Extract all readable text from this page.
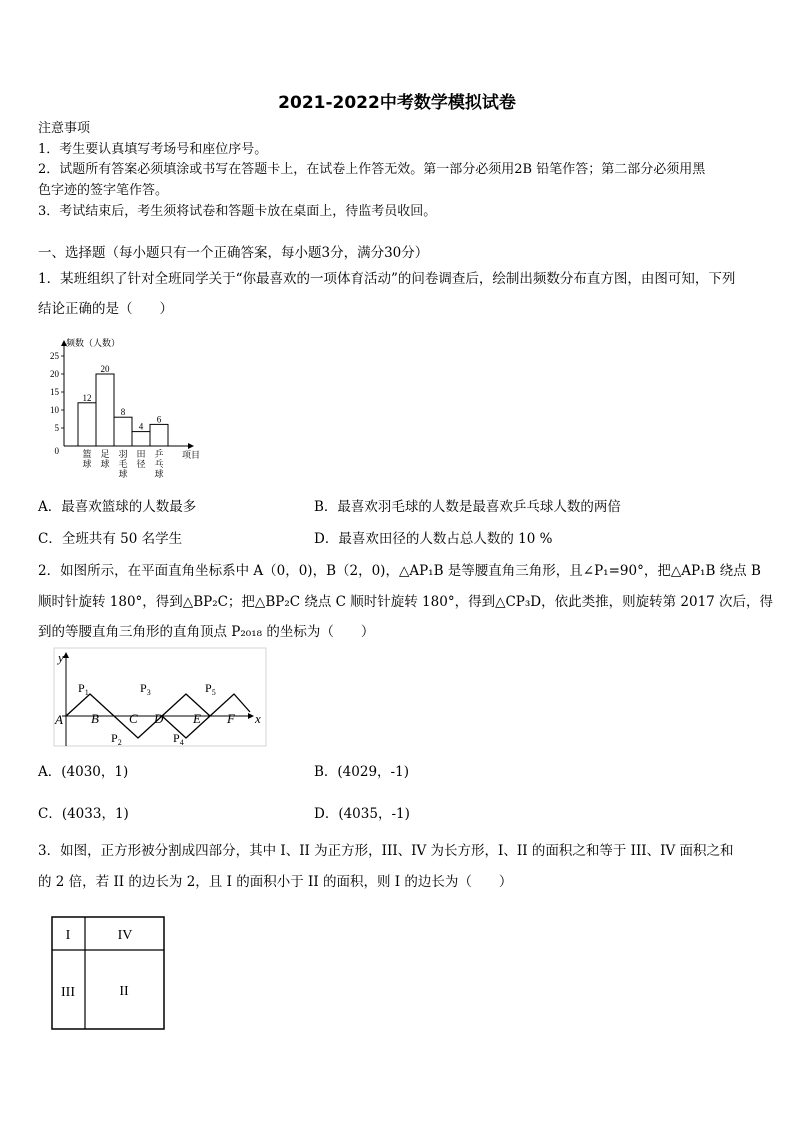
2021-2022中考数学模拟试卷
注意事项
1．考生要认真填写考场号和座位序号。
2．试题所有答案必须填涂或书写在答题卡上，在试卷上作答无效。第一部分必须用2B 铅笔作答；第二部分必须用黑
色字迹的签字笔作答。
3．考试结束后，考生须将试卷和答题卡放在桌面上，待监考员收回。
一、选择题（每小题只有一个正确答案，每小题3分，满分30分）
1．某班组织了针对全班同学关于“你最喜欢的一项体育活动”的问卷调查后，绘制出频数分布直方图，由图可知，下列
结论正确的是（　　）
0
5
10
15
20
25
频数（人数）
项目
12
篮
球
20
足
球
8
羽
毛
球
4
田
径
6
乒
乓
球
A．最喜欢篮球的人数最多	B．最喜欢羽毛球的人数是最喜欢乒乓球人数的两倍
C．全班共有 50 名学生	D．最喜欢田径的人数占总人数的 10 %
2．如图所示，在平面直角坐标系中 A（0，0)，B（2，0)，△AP₁B 是等腰直角三角形，且∠P₁=90°，把△AP₁B 绕点 B
顺时针旋转 180°，得到△BP₂C；把△BP₂C 绕点 C 顺时针旋转 180°，得到△CP₃D，依此类推，则旋转第 2017 次后，得
到的等腰直角三角形的直角顶点 P₂₀₁₈ 的坐标为（　　）
y
x
A B C D E F
$P_1$
$P_2$
$P_3$
$P_4$
$P_5$
A．(4030，1)	B．(4029，-1)
C．(4033，1)	D．(4035，-1)
3．如图，正方形被分割成四部分，其中 I、II 为正方形，III、IV 为长方形，I、II 的面积之和等于 III、IV 面积之和
的 2 倍，若 II 的边长为 2，且 I 的面积小于 II 的面积，则 I 的边长为（　　）
I	IV
III	II
